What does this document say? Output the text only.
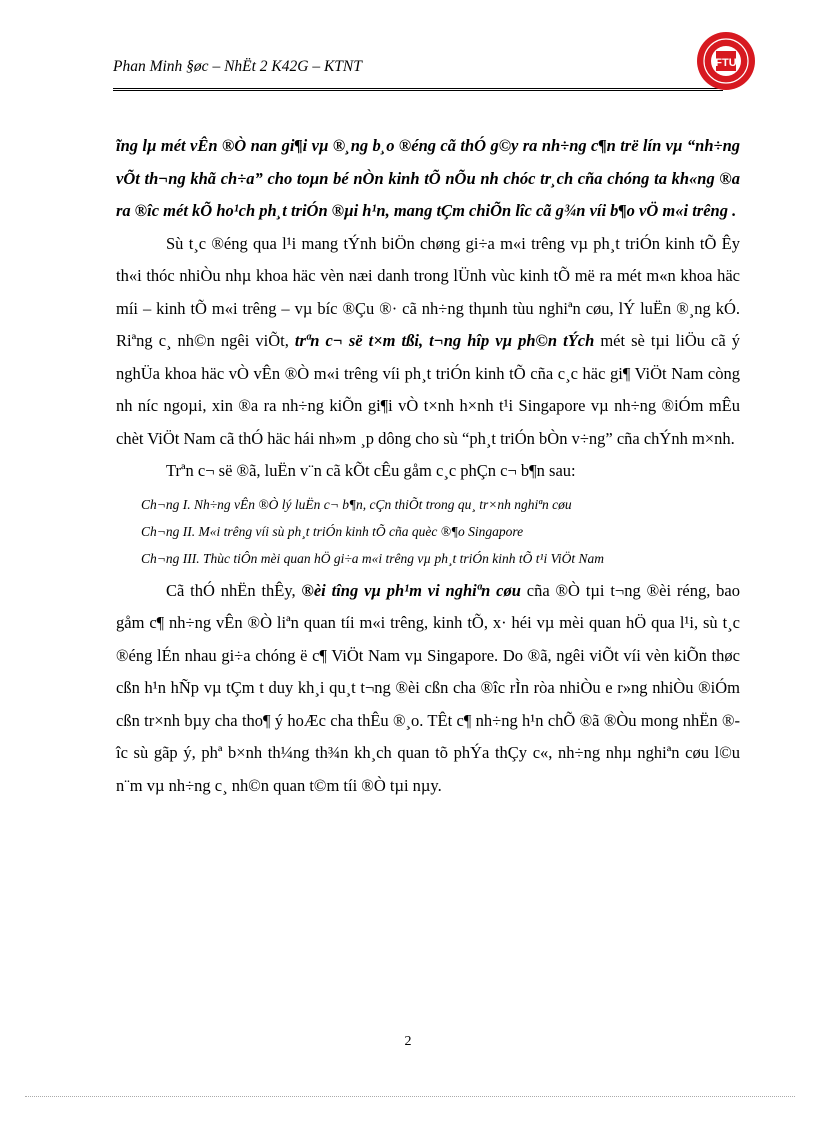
Phan Minh §øc – NhËt 2 K42G – KTNT	FTU

ĩng lµ mét vÊn ®Ò nan gi¶i vµ ®¸ng b¸o ®éng cã thÓ g©y ra nh÷ng c¶n trë lín vµ “nh÷ng vÕt th¬ng khã ch÷a” cho toµn bé nÒn kinh tÕ nÕu nh chóc tr¸ch cña chóng ta kh«ng ®a ra ®îc mét kÕ ho¹ch ph¸t triÓn ®µi h¹n, mang tÇm chiÕn lîc cã g¾n víi b¶o vÖ m«i trêng .

Sù t¸c ®éng qua l¹i mang tÝnh biÖn chøng gi÷a m«i trêng vµ ph¸t triÓn kinh tÕ Êy th«i thóc nhiÒu nhµ khoa häc vèn næi danh trong lÜnh vùc kinh tÕ më ra mét m«n khoa häc míi – kinh tÕ m«i trêng – vµ bíc ®Çu ®· cã nh÷ng thµnh tùu nghiªn cøu, lÝ luËn ®¸ng kÓ. Riªng c¸ nh©n ngêi viÕt, trªn c¬ së t×m tßi, t¬ng hîp vµ ph©n tÝch mét sè tµi liÖu cã ý nghÜa khoa häc vÒ vÊn ®Ò m«i trêng víi ph¸t triÓn kinh tÕ cña c¸c häc gi¶ ViÖt Nam còng nh níc ngoµi, xin ®a ra nh÷ng kiÕn gi¶i vÒ t×nh h×nh t¹i Singapore vµ nh÷ng ®iÓm mÊu chèt ViÖt Nam cã thÓ häc hái nh»m ¸p dông cho sù “ph¸t triÓn bÒn v÷ng” cña chÝnh m×nh.

Trªn c¬ së ®ã, luËn v¨n cã kÕt cÊu gåm c¸c phÇn c¬ b¶n sau:

Ch¬ng I. Nh÷ng vÊn ®Ò lý luËn c¬ b¶n, cÇn thiÕt trong qu¸ tr×nh nghiªn cøu
Ch¬ng II. M«i trêng víi sù ph¸t triÓn kinh tÕ cña quèc ®¶o Singapore
Ch¬ng III. Thùc tiÔn mèi quan hÖ gi÷a m«i trêng vµ ph¸t triÓn kinh tÕ t¹i ViÖt Nam

Cã thÓ nhËn thÊy, ®èi tîng vµ ph¹m vi nghiªn cøu cña ®Ò tµi t¬ng ®èi réng, bao gåm c¶ nh÷ng vÊn ®Ò liªn quan tíi m«i trêng, kinh tÕ, x· héi vµ mèi quan hÖ qua l¹i, sù t¸c ®éng lÉn nhau gi÷a chóng ë c¶ ViÖt Nam vµ Singapore. Do ®ã, ngêi viÕt víi vèn kiÕn thøc cßn h¹n hÑp vµ tÇm t duy kh¸i qu¸t t¬ng ®èi cßn cha ®îc rÌn ròa nhiÒu e r»ng nhiÒu ®iÓm cßn tr×nh bµy cha tho¶ ý hoÆc cha thÊu ®¸o. TÊt c¶ nh÷ng h¹n chÕ ®ã ®Òu mong nhËn ®îc sù gãp ý, phª b×nh th¼ng th¾n kh¸ch quan tõ phÝa thÇy c«, nh÷ng nhµ nghiªn cøu l©u n¨m vµ nh÷ng c¸ nh©n quan t©m tíi ®Ò tµi nµy.

2
